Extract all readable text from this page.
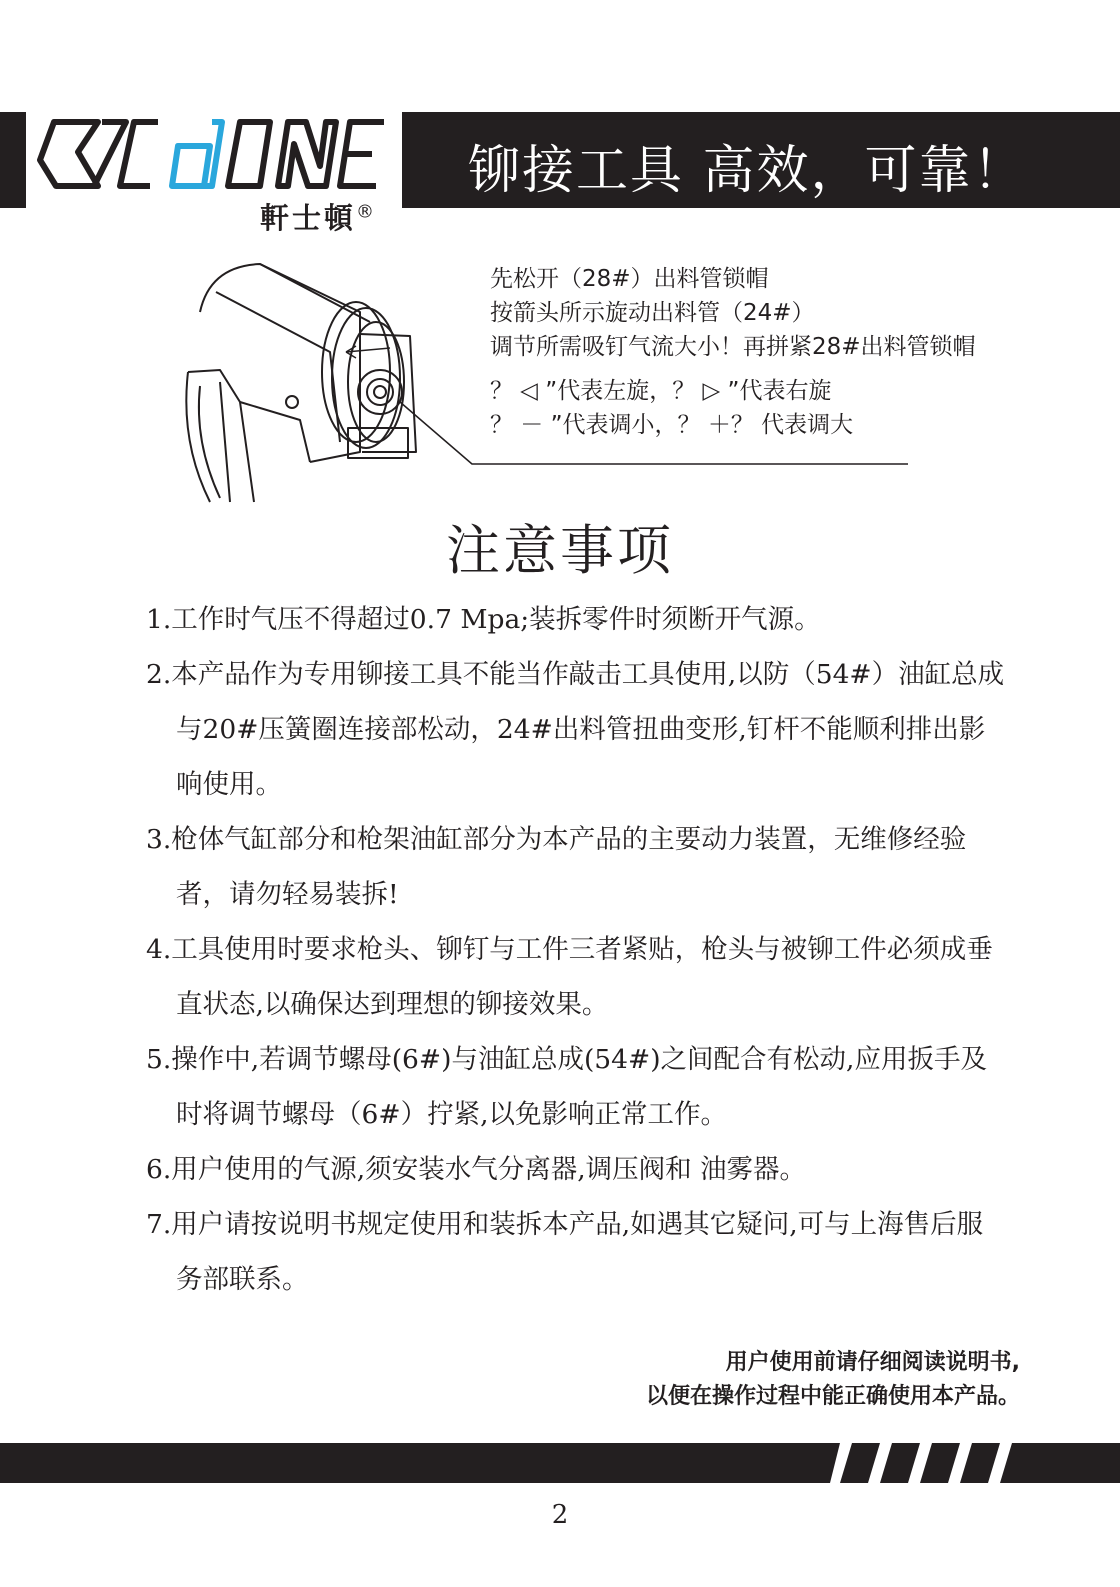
軒士頓®
铆接工具 高效，可靠！
先松开（28#）出料管锁帽
按箭头所示旋动出料管（24#）
调节所需吸钉气流大小！再拼紧28#出料管锁帽
？ ◁ ”代表左旋，？ ▷ ”代表右旋
？ － ”代表调小，？ ＋？ 代表调大
注意事项

1.工作时气压不得超过0.7 Mpa;装拆零件时须断开气源。

2.本产品作为专用铆接工具不能当作敲击工具使用,以防（54#）油缸总成与20#压簧圈连接部松动，24#出料管扭曲变形,钉杆不能顺利排出影响使用。

3.枪体气缸部分和枪架油缸部分为本产品的主要动力装置，无维修经验者，请勿轻易装拆!

4.工具使用时要求枪头、铆钉与工件三者紧贴，枪头与被铆工件必须成垂直状态,以确保达到理想的铆接效果。

5.操作中,若调节螺母(6#)与油缸总成(54#)之间配合有松动,应用扳手及时将调节螺母（6#）拧紧,以免影响正常工作。

6.用户使用的气源,须安装水气分离器,调压阀和 油雾器。

7.用户请按说明书规定使用和装拆本产品,如遇其它疑问,可与上海售后服务部联系。

用户使用前请仔细阅读说明书,
以便在操作过程中能正确使用本产品。
2
